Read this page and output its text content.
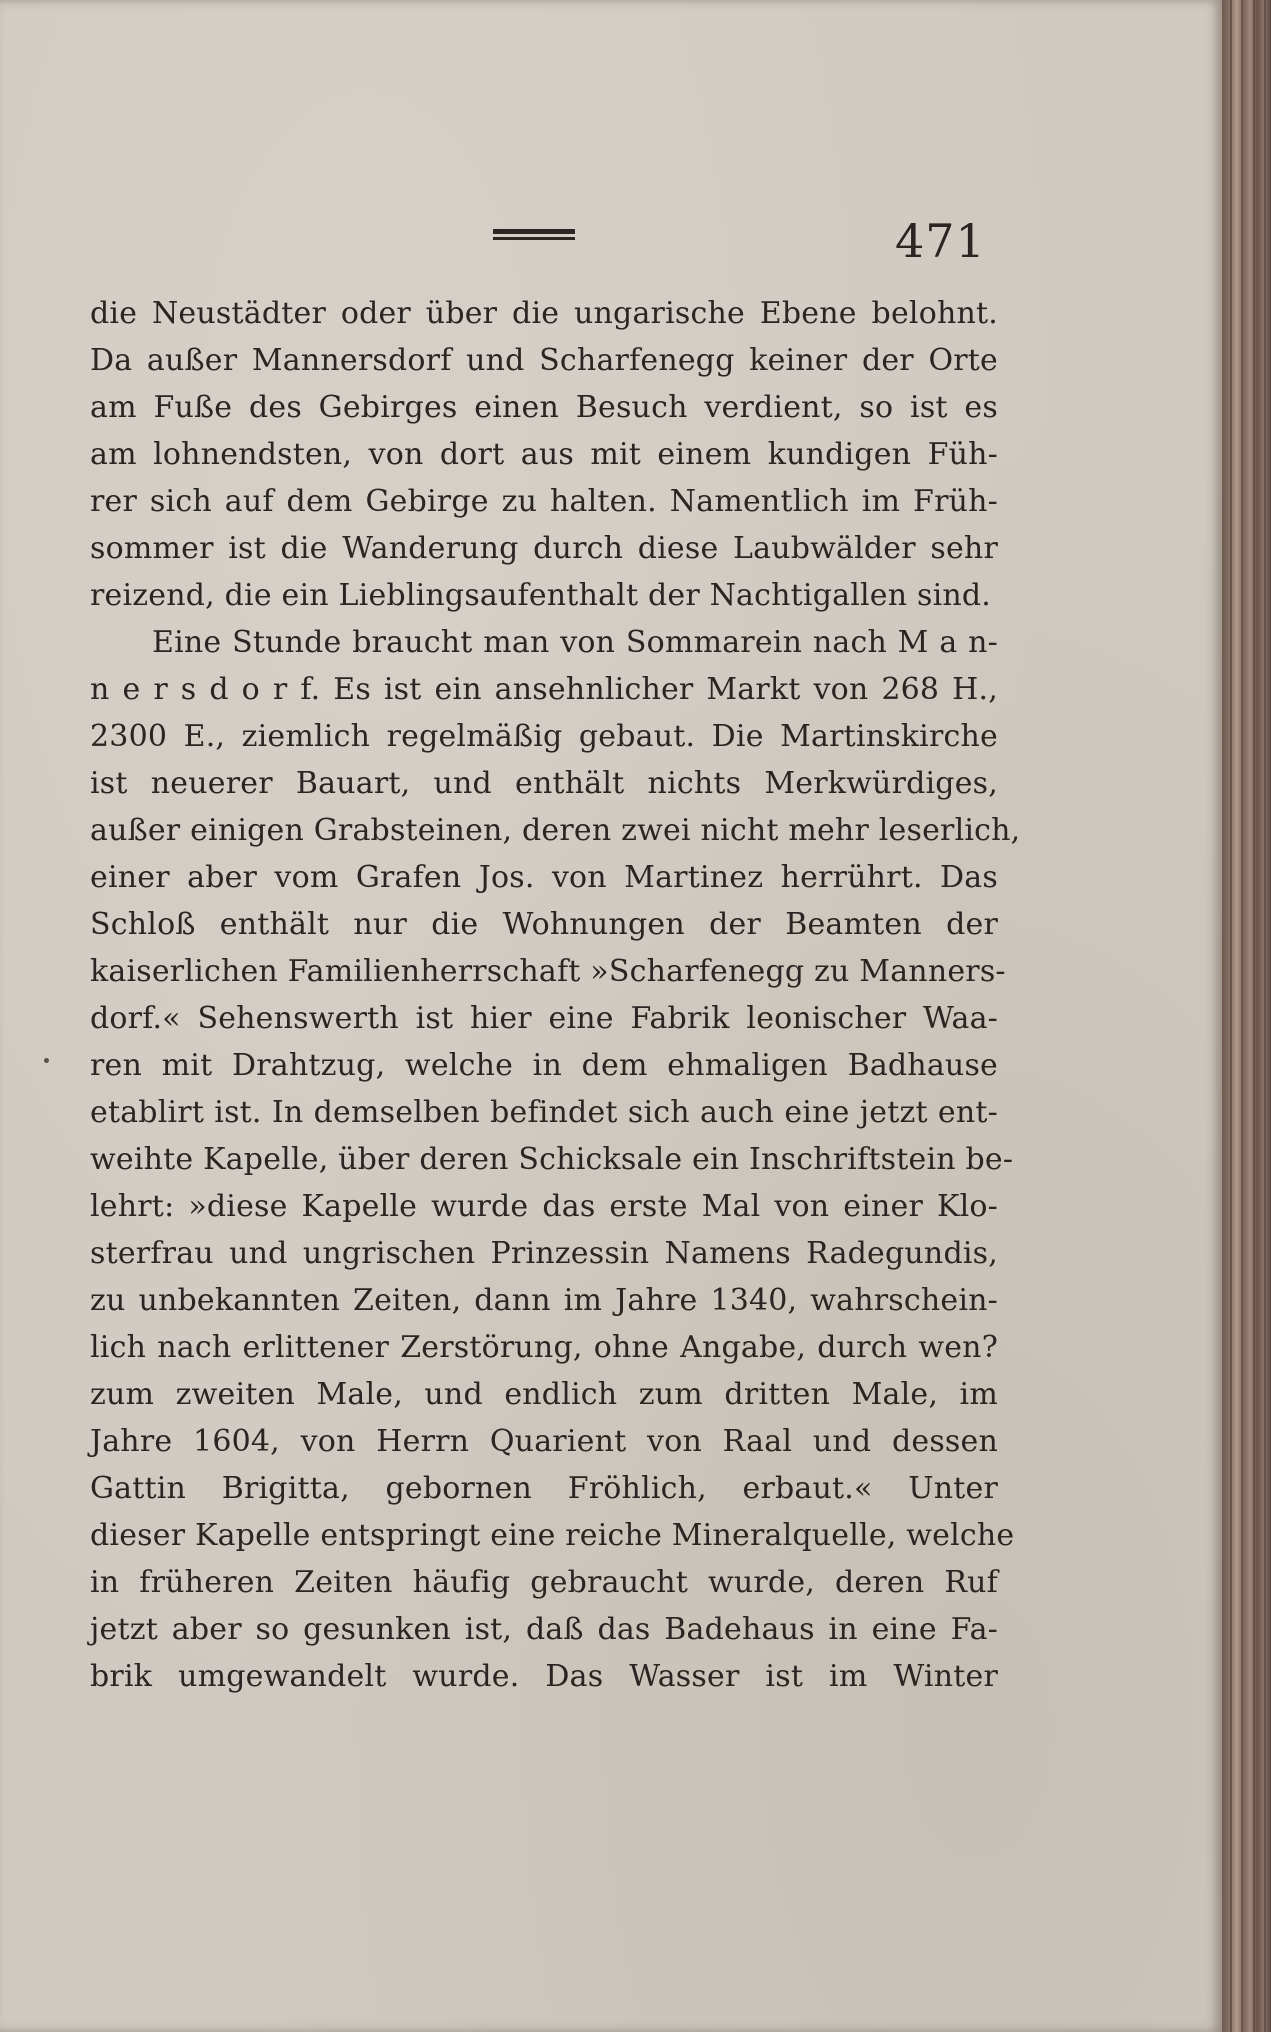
471
die Neustädter oder über die ungarische Ebene belohnt.
Da außer Mannersdorf und Scharfenegg keiner der Orte
am Fuße des Gebirges einen Besuch verdient, so ist es
am lohnendsten, von dort aus mit einem kundigen Füh-
rer sich auf dem Gebirge zu halten. Namentlich im Früh-
sommer ist die Wanderung durch diese Laubwälder sehr
reizend, die ein Lieblingsaufenthalt der Nachtigallen sind.
Eine Stunde braucht man von Sommarein nach M a n-
n e r s d o r f. Es ist ein ansehnlicher Markt von 268 H.,
2300 E., ziemlich regelmäßig gebaut. Die Martinskirche
ist neuerer Bauart, und enthält nichts Merkwürdiges,
außer einigen Grabsteinen, deren zwei nicht mehr leserlich,
einer aber vom Grafen Jos. von Martinez herrührt. Das
Schloß enthält nur die Wohnungen der Beamten der
kaiserlichen Familienherrschaft »Scharfenegg zu Manners-
dorf.« Sehenswerth ist hier eine Fabrik leonischer Waa-
ren mit Drahtzug, welche in dem ehmaligen Badhause
etablirt ist. In demselben befindet sich auch eine jetzt ent-
weihte Kapelle, über deren Schicksale ein Inschriftstein be-
lehrt: »diese Kapelle wurde das erste Mal von einer Klo-
sterfrau und ungrischen Prinzessin Namens Radegundis,
zu unbekannten Zeiten, dann im Jahre 1340, wahrschein-
lich nach erlittener Zerstörung, ohne Angabe, durch wen?
zum zweiten Male, und endlich zum dritten Male, im
Jahre 1604, von Herrn Quarient von Raal und dessen
Gattin Brigitta, gebornen Fröhlich, erbaut.« Unter
dieser Kapelle entspringt eine reiche Mineralquelle, welche
in früheren Zeiten häufig gebraucht wurde, deren Ruf
jetzt aber so gesunken ist, daß das Badehaus in eine Fa-
brik umgewandelt wurde. Das Wasser ist im Winter
